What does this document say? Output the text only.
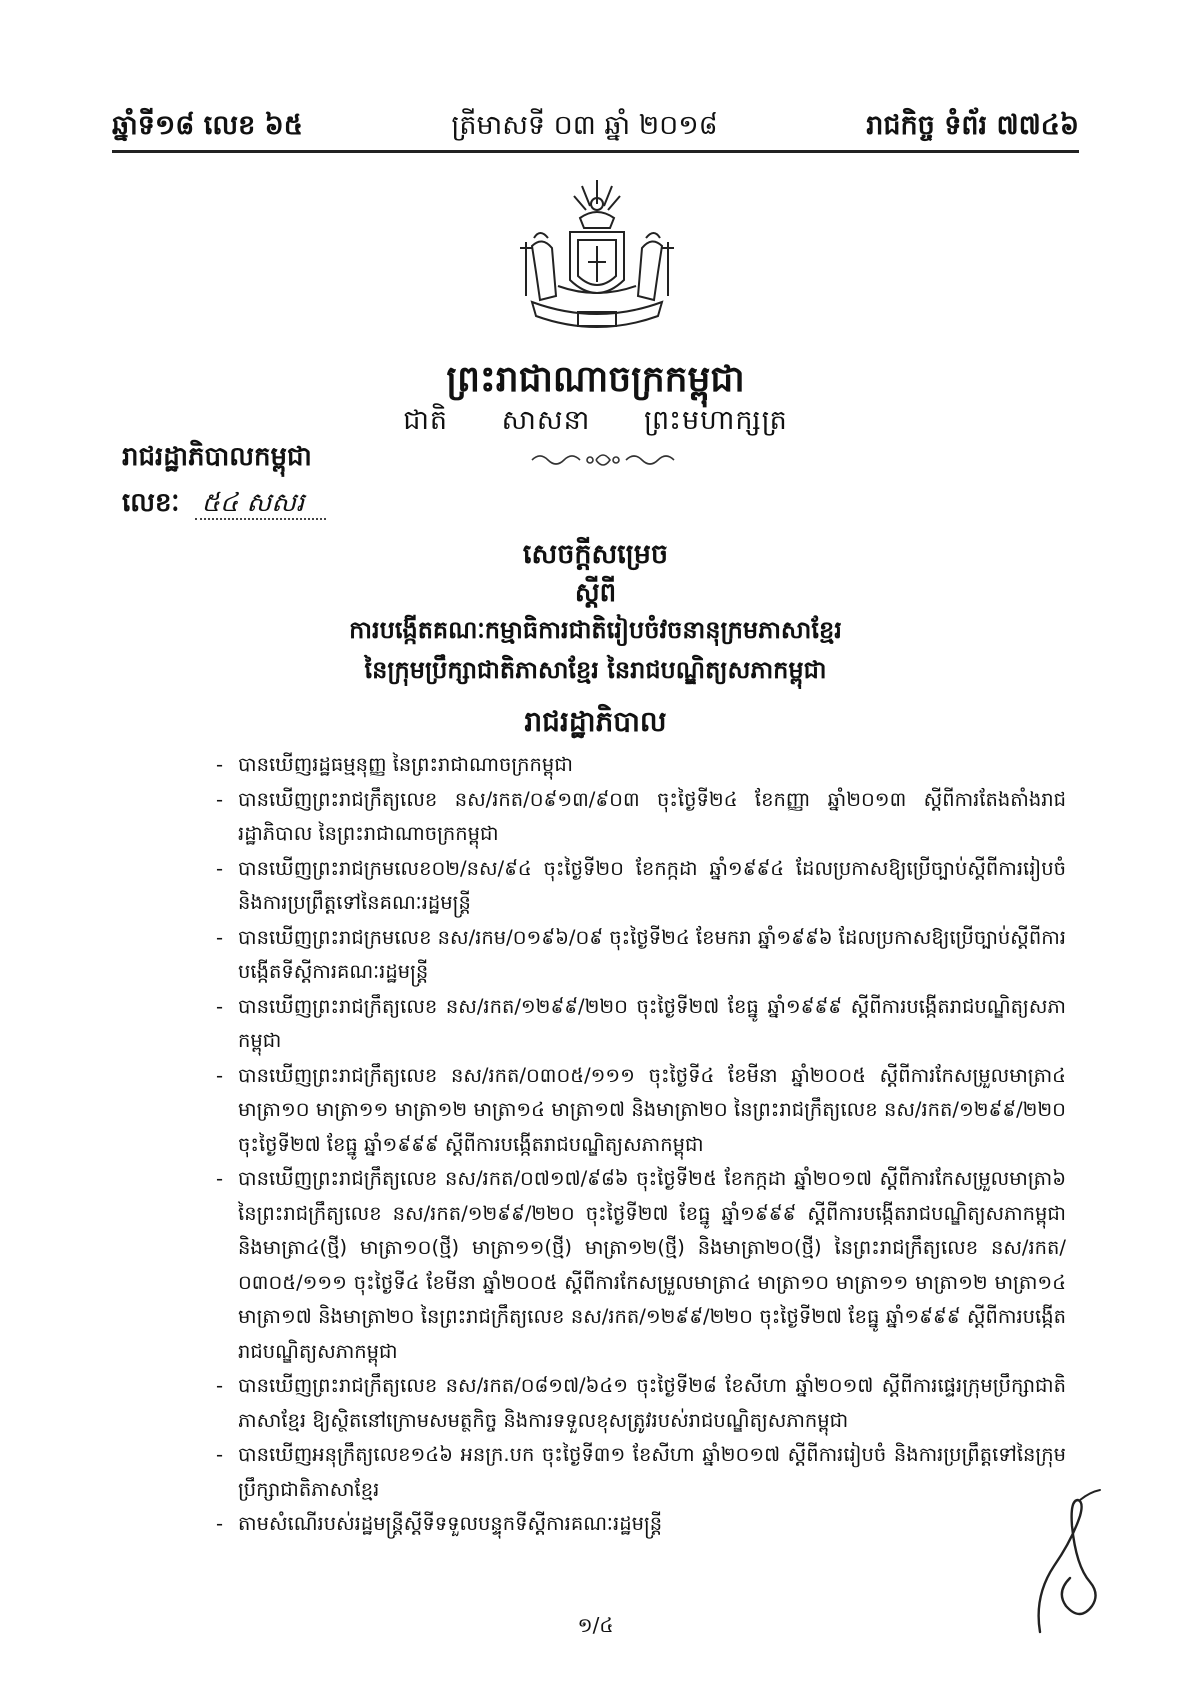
ឆ្នាំទី១៨ លេខ ៦៥	ត្រីមាសទី ០៣ ឆ្នាំ ២០១៨	រាជកិច្ច ទំព័រ ៧៧៤៦
ព្រះរាជាណាចក្រកម្ពុជា
ជាតិ សាសនា ព្រះមហាក្សត្រ
រាជរដ្ឋាភិបាលកម្ពុជា
លេខៈ ៥៤ សសរ
សេចក្តីសម្រេច
ស្តីពី
ការបង្កើតគណៈកម្មាធិការជាតិរៀបចំវចនានុក្រមភាសាខ្មែរ
នៃក្រុមប្រឹក្សាជាតិភាសាខ្មែរ នៃរាជបណ្ឌិត្យសភាកម្ពុជា
រាជរដ្ឋាភិបាល
- បានឃើញរដ្ឋធម្មនុញ្ញ នៃព្រះរាជាណាចក្រកម្ពុជា
- បានឃើញព្រះរាជក្រឹត្យលេខ នស/រកត/០៩១៣/៩០៣ ចុះថ្ងៃទី២៤ ខែកញ្ញា ឆ្នាំ២០១៣ ស្តីពីការតែងតាំងរាជរដ្ឋាភិបាល នៃព្រះរាជាណាចក្រកម្ពុជា
- បានឃើញព្រះរាជក្រមលេខ០២/នស/៩៤ ចុះថ្ងៃទី២០ ខែកក្កដា ឆ្នាំ១៩៩៤ ដែលប្រកាសឱ្យប្រើច្បាប់ស្តីពីការរៀបចំ និងការប្រព្រឹត្តទៅនៃគណៈរដ្ឋមន្ត្រី
- បានឃើញព្រះរាជក្រមលេខ នស/រកម/០១៩៦/០៩ ចុះថ្ងៃទី២៤ ខែមករា ឆ្នាំ១៩៩៦ ដែលប្រកាសឱ្យប្រើច្បាប់ស្តីពីការបង្កើតទីស្តីការគណៈរដ្ឋមន្ត្រី
- បានឃើញព្រះរាជក្រឹត្យលេខ នស/រកត/១២៩៩/២២០ ចុះថ្ងៃទី២៧ ខែធ្នូ ឆ្នាំ១៩៩៩ ស្តីពីការបង្កើតរាជបណ្ឌិត្យសភាកម្ពុជា
- បានឃើញព្រះរាជក្រឹត្យលេខ នស/រកត/០៣០៥/១១១ ចុះថ្ងៃទី៤ ខែមីនា ឆ្នាំ២០០៥ ស្តីពីការកែសម្រួលមាត្រា៤ មាត្រា១០ មាត្រា១១ មាត្រា១២ មាត្រា១៤ មាត្រា១៧ និងមាត្រា២០ នៃព្រះរាជក្រឹត្យលេខ នស/រកត/១២៩៩/២២០ ចុះថ្ងៃទី២៧ ខែធ្នូ ឆ្នាំ១៩៩៩ ស្តីពីការបង្កើតរាជបណ្ឌិត្យសភាកម្ពុជា
- បានឃើញព្រះរាជក្រឹត្យលេខ នស/រកត/០៧១៧/៩៨៦ ចុះថ្ងៃទី២៥ ខែកក្កដា ឆ្នាំ២០១៧ ស្តីពីការកែសម្រួលមាត្រា៦ នៃព្រះរាជក្រឹត្យលេខ នស/រកត/១២៩៩/២២០ ចុះថ្ងៃទី២៧ ខែធ្នូ ឆ្នាំ១៩៩៩ ស្តីពីការបង្កើតរាជបណ្ឌិត្យសភាកម្ពុជា និងមាត្រា៤(ថ្មី) មាត្រា១០(ថ្មី) មាត្រា១១(ថ្មី) មាត្រា១២(ថ្មី) និងមាត្រា២០(ថ្មី) នៃព្រះរាជក្រឹត្យលេខ នស/រកត/០៣០៥/១១១ ចុះថ្ងៃទី៤ ខែមីនា ឆ្នាំ២០០៥ ស្តីពីការកែសម្រួលមាត្រា៤ មាត្រា១០ មាត្រា១១ មាត្រា១២ មាត្រា១៤ មាត្រា១៧ និងមាត្រា២០ នៃព្រះរាជក្រឹត្យលេខ នស/រកត/១២៩៩/២២០ ចុះថ្ងៃទី២៧ ខែធ្នូ ឆ្នាំ១៩៩៩ ស្តីពីការបង្កើតរាជបណ្ឌិត្យសភាកម្ពុជា
- បានឃើញព្រះរាជក្រឹត្យលេខ នស/រកត/០៨១៧/៦៤១ ចុះថ្ងៃទី២៨ ខែសីហា ឆ្នាំ២០១៧ ស្តីពីការផ្ទេរក្រុមប្រឹក្សាជាតិភាសាខ្មែរ ឱ្យស្ថិតនៅក្រោមសមត្ថកិច្ច និងការទទួលខុសត្រូវរបស់រាជបណ្ឌិត្យសភាកម្ពុជា
- បានឃើញអនុក្រឹត្យលេខ១៤៦ អនក្រ.បក ចុះថ្ងៃទី៣១ ខែសីហា ឆ្នាំ២០១៧ ស្តីពីការរៀបចំ និងការប្រព្រឹត្តទៅនៃក្រុមប្រឹក្សាជាតិភាសាខ្មែរ
- តាមសំណើរបស់រដ្ឋមន្ត្រីស្តីទីទទួលបន្ទុកទីស្តីការគណៈរដ្ឋមន្ត្រី
១/៤
